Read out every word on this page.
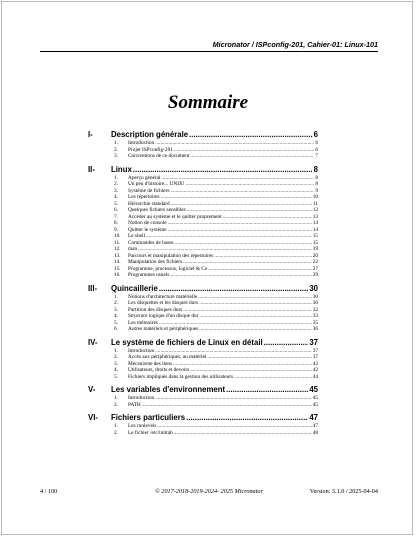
Micronator / ISPconfig-201, Cahier-01: Linux-101
Sommaire
I-	Description générale .....	6
1.	Introduction .....	6
2.	Projet ISPconfig-201 .....	6
3.	Conventions de ce document .....	7
II-	Linux .....	8
1.	Aperçu général .....	8
2.	Un peu d'histoire... UNIX! .....	8
3.	Système de fichiers .....	9
4.	Les répertoires .....	10
5.	Hiérarchie standard .....	11
6.	Quelques fichiers sensibles .....	12
7.	Accéder au système et le quitter proprement .....	13
8.	Notion de console .....	14
9.	Quitter le système .....	14
10.	Le shell .....	15
11.	Commandes de bases .....	15
12.	man .....	19
13.	Parcours et manipulation des répertoires .....	20
14.	Manipulation des fichiers .....	22
15.	Programme, processus, logiciel & Co .....	27
16.	Programmes usuels .....	29
III-	Quincaillerie .....	30
1.	Notions d'architecture matérielle .....	30
2.	Les disquettes et les disques durs .....	30
3.	Partition des disques durs .....	32
4.	Structure logique d'un disque dur .....	33
5.	Les mémoires .....	35
6.	Autres matériels et périphériques .....	36
IV-	Le système de fichiers de Linux en détail .....	37
1.	Introduction .....	37
2.	Accès aux périphériques, au matériel .....	37
3.	Mécanisme des liens .....	42
4.	Utilisateurs, droits et devoirs .....	42
5.	Fichiers impliqués dans la gestion des utilisateurs .....	44
V-	Les variables d'environnement .....	45
1.	Introduction .....	45
2.	PATH .....	45
VI-	Fichiers particuliers .....	47
1.	Les runlevels .....	47
2.	Le fichier /etc/inittab .....	48
4 / 100	© 2017-2018-2019-2024- 2025 Micronator	Version: 3.1.0 / 2025-04-04
